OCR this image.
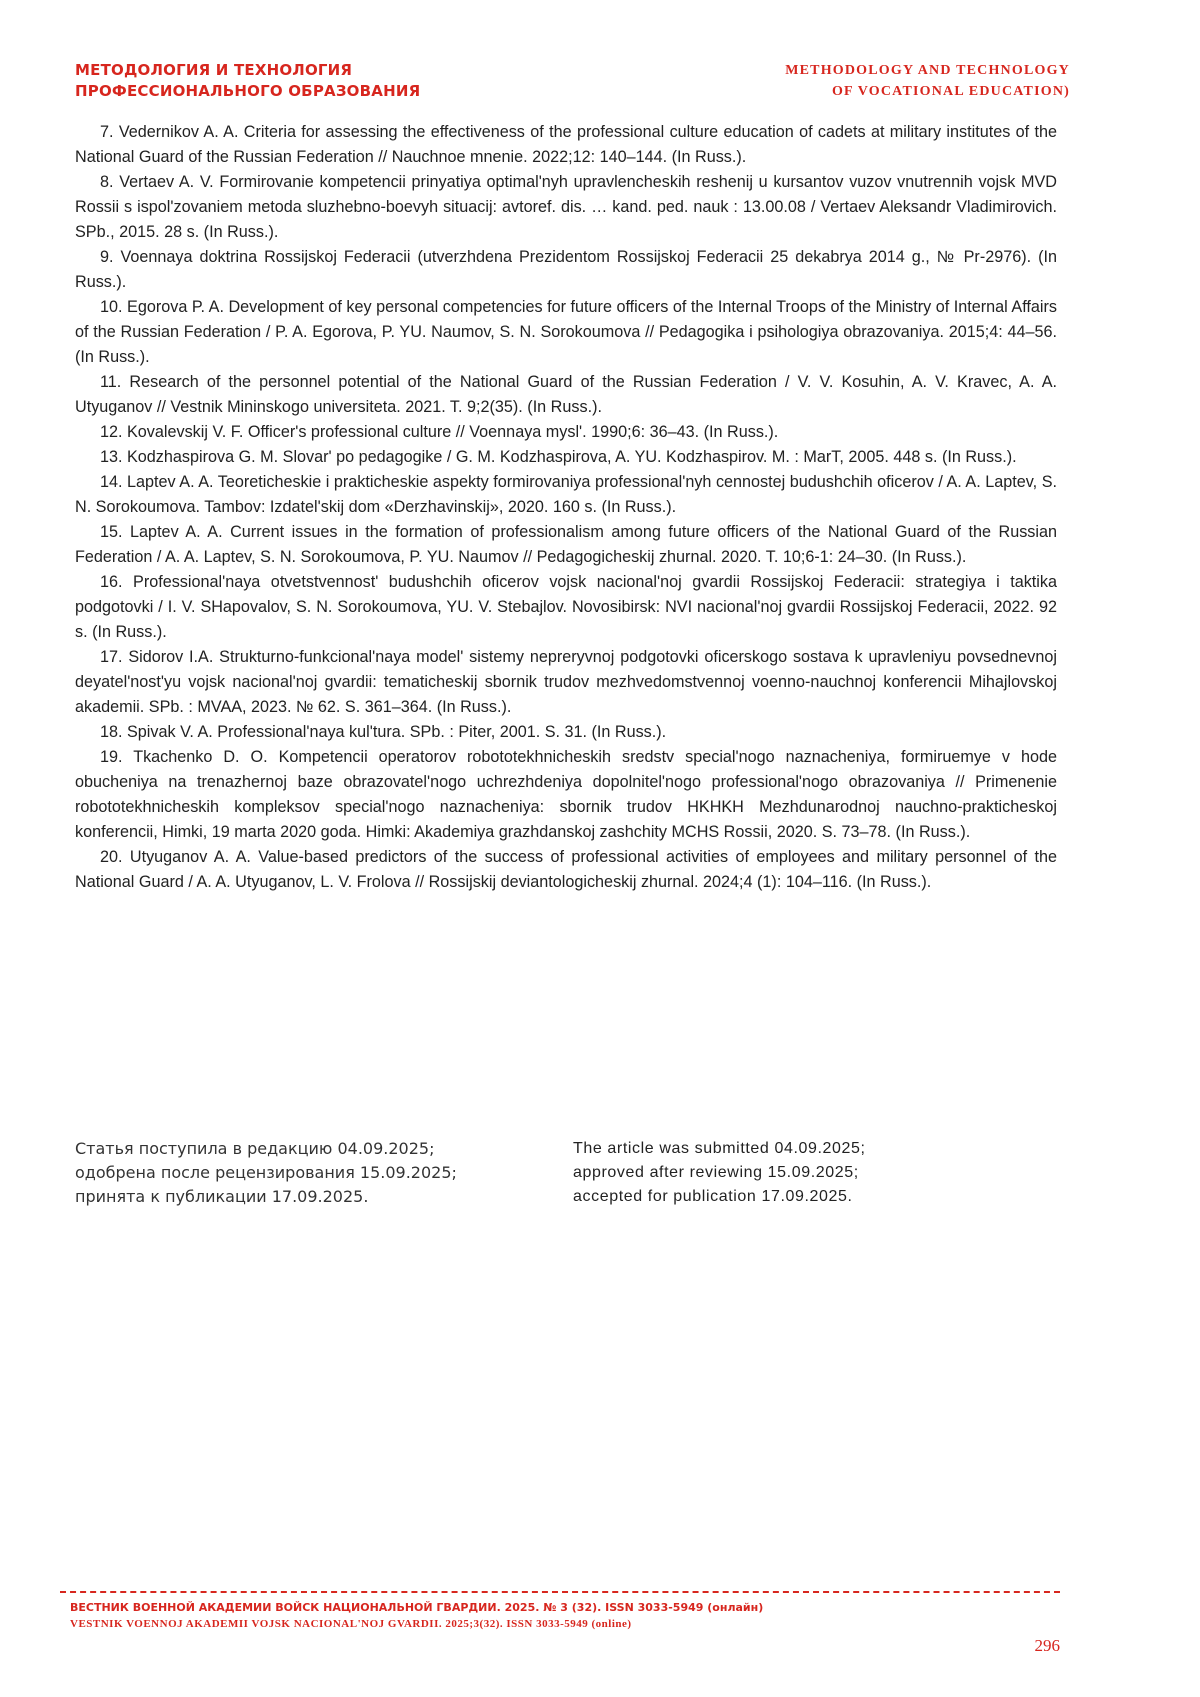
МЕТОДОЛОГИЯ И ТЕХНОЛОГИЯ
ПРОФЕССИОНАЛЬНОГО ОБРАЗОВАНИЯ
METHODOLOGY AND TECHNOLOGY
OF VOCATIONAL EDUCATION)

7. Vedernikov A. A. Criteria for assessing the effectiveness of the professional culture education of cadets at military institutes of the National Guard of the Russian Federation // Nauchnoe mnenie. 2022;12: 140–144. (In Russ.).

8. Vertaev A. V. Formirovanie kompetencii prinyatiya optimal'nyh upravlencheskih reshenij u kursantov vuzov vnutrennih vojsk MVD Rossii s ispol'zovaniem metoda sluzhebno-boevyh situacij: avtoref. dis. … kand. ped. nauk : 13.00.08 / Vertaev Aleksandr Vladimirovich. SPb., 2015. 28 s. (In Russ.).

9. Voennaya doktrina Rossijskoj Federacii (utverzhdena Prezidentom Rossijskoj Federacii 25 dekabrya 2014 g., № Pr-2976). (In Russ.).

10. Egorova P. A. Development of key personal competencies for future officers of the Internal Troops of the Ministry of Internal Affairs of the Russian Federation / P. A. Egorova, P. YU. Naumov, S. N. Sorokoumova // Pedagogika i psihologiya obrazovaniya. 2015;4: 44–56. (In Russ.).

11. Research of the personnel potential of the National Guard of the Russian Federation / V. V. Kosuhin, A. V. Kravec, A. A. Utyuganov // Vestnik Mininskogo universiteta. 2021. T. 9;2(35). (In Russ.).

12. Kovalevskij V. F. Officer's professional culture // Voennaya mysl'. 1990;6: 36–43. (In Russ.).

13. Kodzhaspirova G. M. Slovar' po pedagogike / G. M. Kodzhaspirova, A. YU. Kodzhaspirov. M. : MarT, 2005. 448 s. (In Russ.).

14. Laptev A. A. Teoreticheskie i prakticheskie aspekty formirovaniya professional'nyh cennostej budushchih oficerov / A. A. Laptev, S. N. Sorokoumova. Tambov: Izdatel'skij dom «Derzhavinskij», 2020. 160 s. (In Russ.).

15. Laptev A. A. Current issues in the formation of professionalism among future officers of the National Guard of the Russian Federation / A. A. Laptev, S. N. Sorokoumova, P. YU. Naumov // Pedagogicheskij zhurnal. 2020. T. 10;6-1: 24–30. (In Russ.).

16. Professional'naya otvetstvennost' budushchih oficerov vojsk nacional'noj gvardii Rossijskoj Federacii: strategiya i taktika podgotovki / I. V. SHapovalov, S. N. Sorokoumova, YU. V. Stebajlov. Novosibirsk: NVI nacional'noj gvardii Rossijskoj Federacii, 2022. 92 s. (In Russ.).

17. Sidorov I.A. Strukturno-funkcional'naya model' sistemy nepreryvnoj podgotovki oficerskogo sostava k upravleniyu povsednevnoj deyatel'nost'yu vojsk nacional'noj gvardii: tematicheskij sbornik trudov mezhvedomstvennoj voenno-nauchnoj konferencii Mihajlovskoj akademii. SPb. : MVAA, 2023. № 62. S. 361–364. (In Russ.).

18. Spivak V. A. Professional'naya kul'tura. SPb. : Piter, 2001. S. 31. (In Russ.).

19. Tkachenko D. O. Kompetencii operatorov robototekhnicheskih sredstv special'nogo naznacheniya, formiruemye v hode obucheniya na trenazhernoj baze obrazovatel'nogo uchrezhdeniya dopolnitel'nogo professional'nogo obrazovaniya // Primenenie robototekhnicheskih kompleksov special'nogo naznacheniya: sbornik trudov HKHKH Mezhdunarodnoj nauchno-prakticheskoj konferencii, Himki, 19 marta 2020 goda. Himki: Akademiya grazhdanskoj zashchity MCHS Rossii, 2020. S. 73–78. (In Russ.).

20. Utyuganov A. A. Value-based predictors of the success of professional activities of employees and military personnel of the National Guard / A. A. Utyuganov, L. V. Frolova // Rossijskij deviantologicheskij zhurnal. 2024;4 (1): 104–116. (In Russ.).

Статья поступила в редакцию 04.09.2025;
одобрена после рецензирования 15.09.2025;
принята к публикации 17.09.2025.
The article was submitted 04.09.2025;
approved after reviewing 15.09.2025;
accepted for publication 17.09.2025.
ВЕСТНИК ВОЕННОЙ АКАДЕМИИ ВОЙСК НАЦИОНАЛЬНОЙ ГВАРДИИ. 2025. № 3 (32). ISSN 3033-5949 (онлайн)
VESTNIK VOENNOJ AKADEMII VOJSK NACIONAL'NOJ GVARDII. 2025;3(32). ISSN 3033-5949 (online)
296
